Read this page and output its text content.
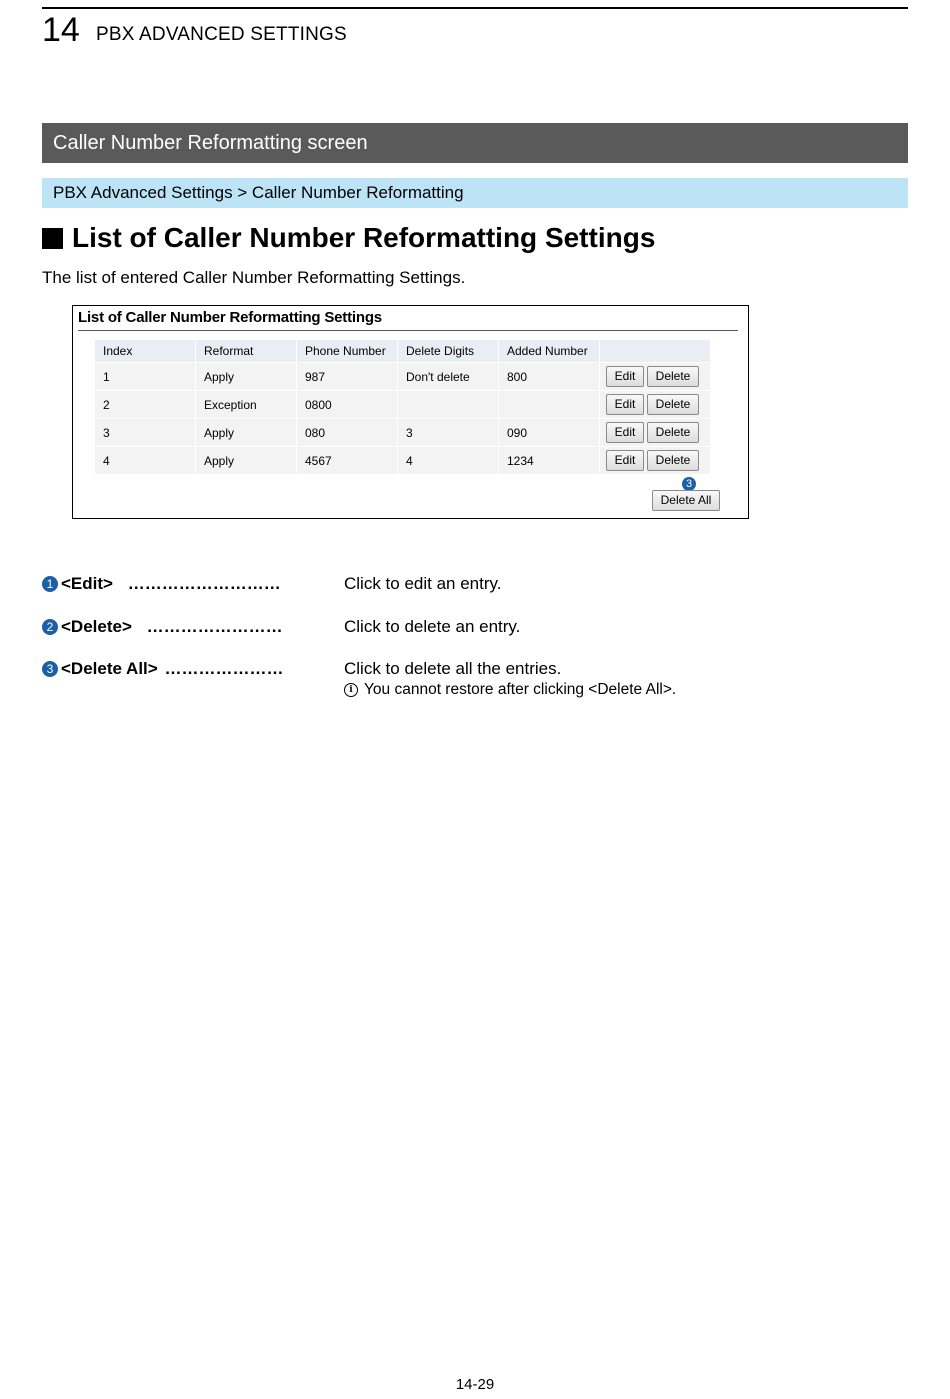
14 PBX ADVANCED SETTINGS
Caller Number Reformatting screen
PBX Advanced Settings > Caller Number Reformatting
List of Caller Number Reformatting Settings
The list of entered Caller Number Reformatting Settings.
List of Caller Number Reformatting Settings
Index	Reformat	Phone Number	Delete Digits	Added Number	
1	Apply	987	Don't delete	800	Edit Delete
2	Exception	0800			Edit Delete
3	Apply	080	3	090	Edit Delete
4	Apply	4567	4	1234	Edit Delete
3
Delete All
1 <Edit> ………………………	Click to edit an entry.
2 <Delete> ……………………	Click to delete an entry.
3 <Delete All> …………………	Click to delete all the entries.
i You cannot restore after clicking <Delete All>.
14-29
